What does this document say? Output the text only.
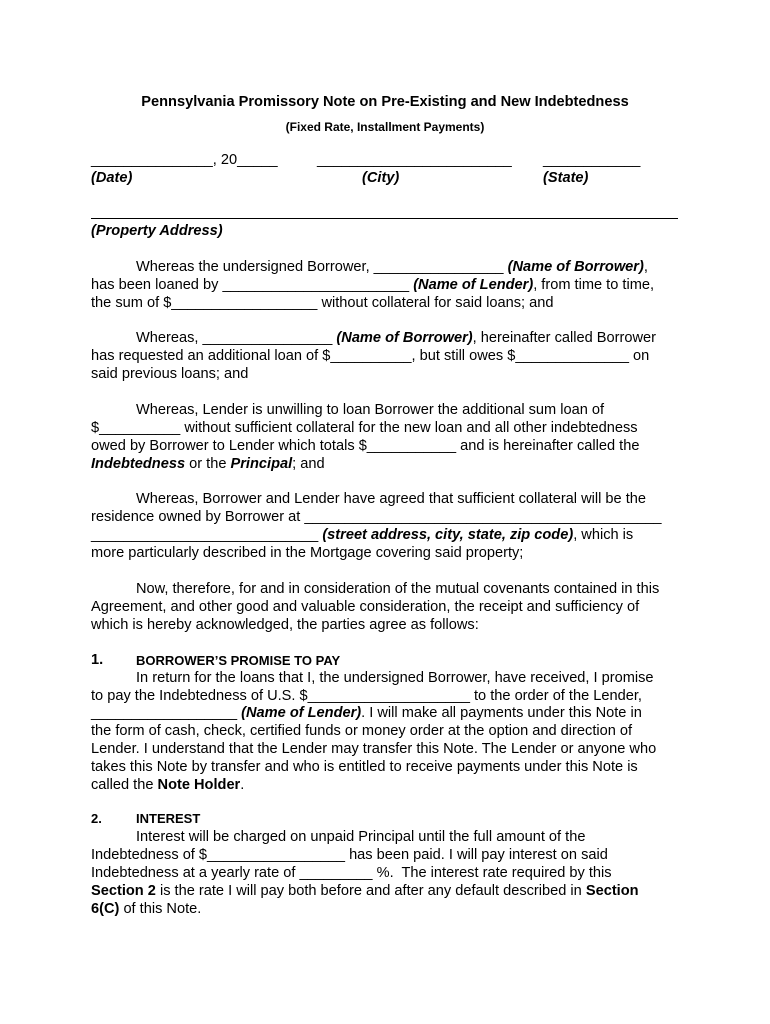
Pennsylvania Promissory Note on Pre-Existing and New Indebtedness
(Fixed Rate, Installment Payments)
_______________, 20_____	________________________ ____________
(Date)	(City)	(State)
(Property Address)
Whereas the undersigned Borrower, ________________ (Name of Borrower),
has been loaned by _______________________ (Name of Lender), from time to time,
the sum of $__________________ without collateral for said loans; and
Whereas, ________________ (Name of Borrower), hereinafter called Borrower
has requested an additional loan of $__________, but still owes $______________ on
said previous loans; and
Whereas, Lender is unwilling to loan Borrower the additional sum loan of
$__________ without sufficient collateral for the new loan and all other indebtedness
owed by Borrower to Lender which totals $___________ and is hereinafter called the
Indebtedness or the Principal; and
Whereas, Borrower and Lender have agreed that sufficient collateral will be the
residence owned by Borrower at ____________________________________________
____________________________ (street address, city, state, zip code), which is
more particularly described in the Mortgage covering said property;
Now, therefore, for and in consideration of the mutual covenants contained in this
Agreement, and other good and valuable consideration, the receipt and sufficiency of
which is hereby acknowledged, the parties agree as follows:
1.	BORROWER’S PROMISE TO PAY
In return for the loans that I, the undersigned Borrower, have received, I promise
to pay the Indebtedness of U.S. $____________________ to the order of the Lender,
__________________ (Name of Lender). I will make all payments under this Note in
the form of cash, check, certified funds or money order at the option and direction of
Lender. I understand that the Lender may transfer this Note. The Lender or anyone who
takes this Note by transfer and who is entitled to receive payments under this Note is
called the Note Holder.
2.	INTEREST
Interest will be charged on unpaid Principal until the full amount of the
Indebtedness of $_________________ has been paid. I will pay interest on said
Indebtedness at a yearly rate of _________ %.  The interest rate required by this
Section 2 is the rate I will pay both before and after any default described in Section
6(C) of this Note.
